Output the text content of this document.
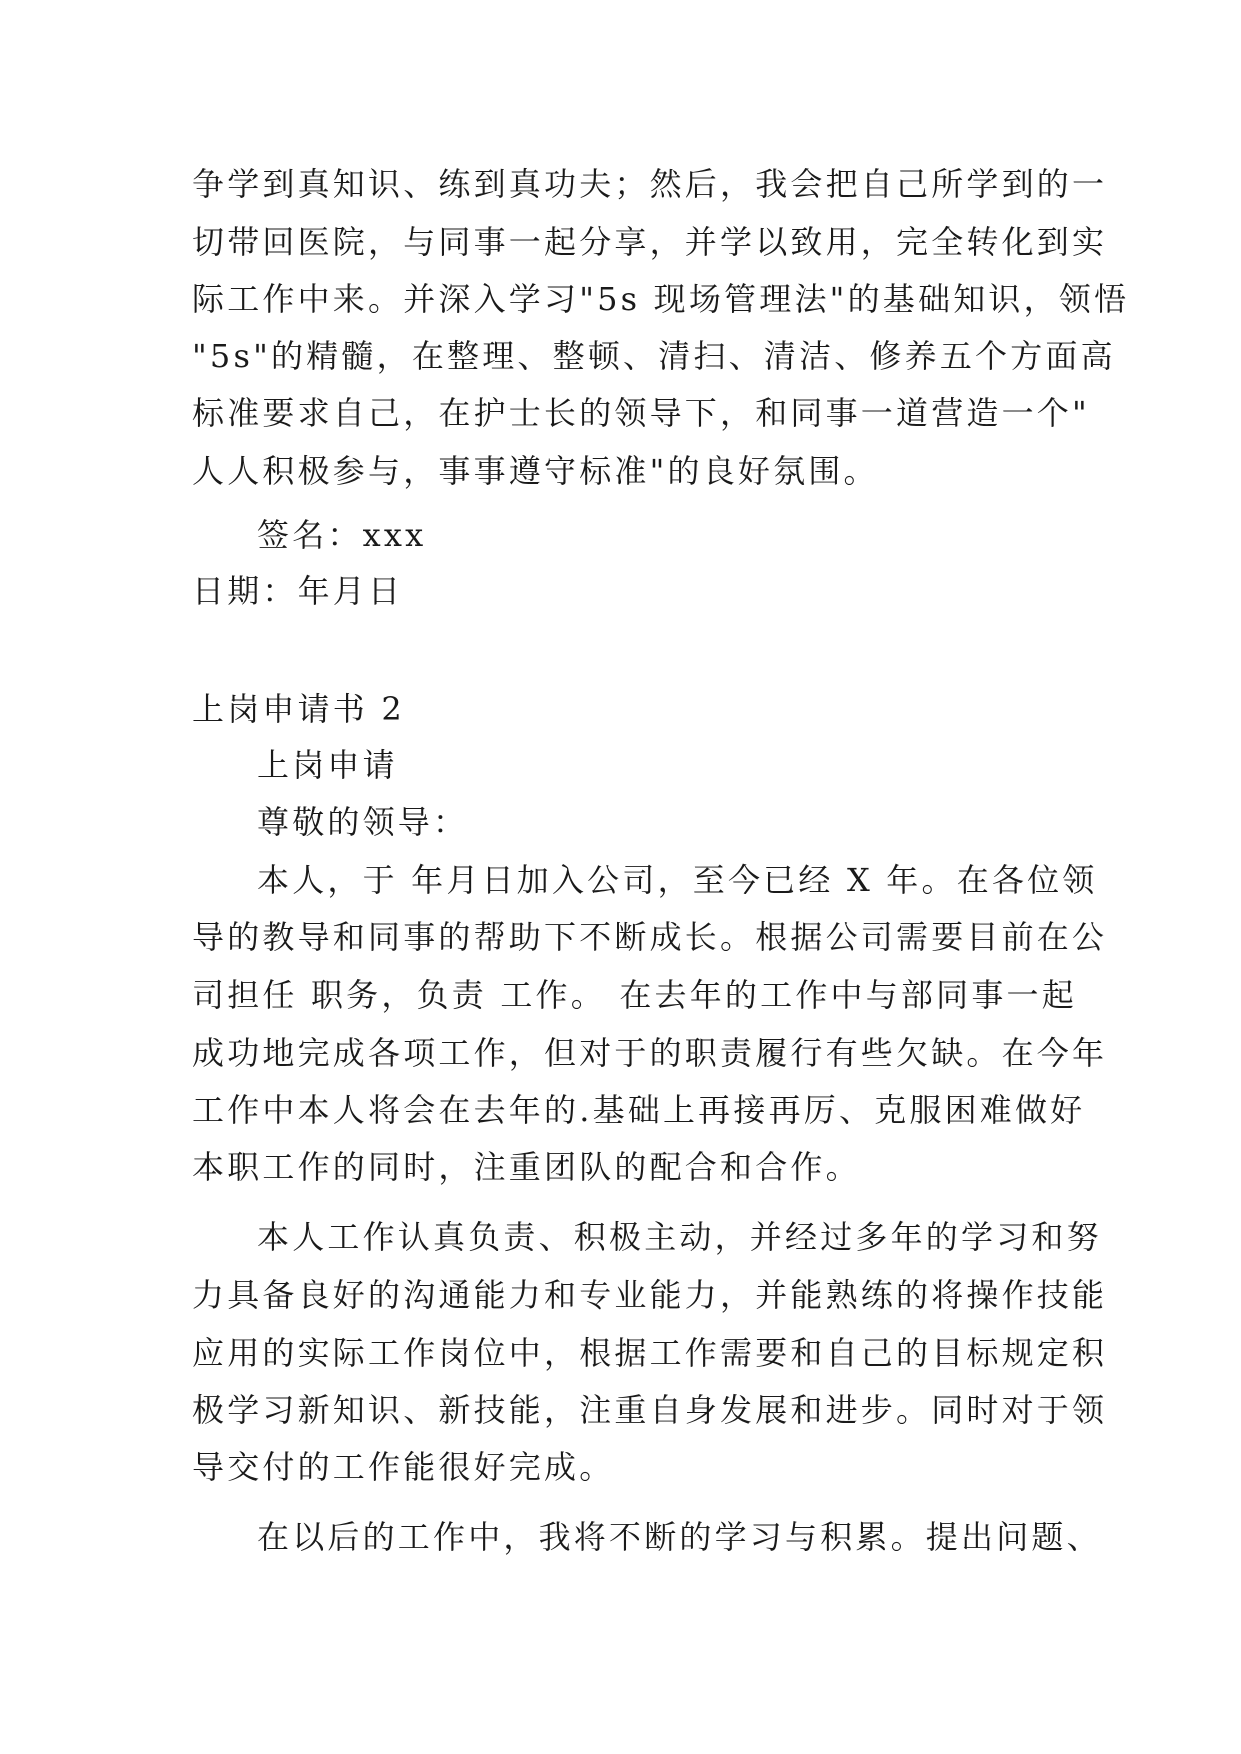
争学到真知识、练到真功夫；然后，我会把自己所学到的一
切带回医院，与同事一起分享，并学以致用，完全转化到实
际工作中来。并深入学习"5s 现场管理法"的基础知识，领悟
"5s"的精髓，在整理、整顿、清扫、清洁、修养五个方面高
标准要求自己，在护士长的领导下，和同事一道营造一个"
人人积极参与，事事遵守标准"的良好氛围。
签名：xxx
日期：年月日
上岗申请书 2
上岗申请
尊敬的领导：
本人，于 年月日加入公司，至今已经 X 年。在各位领
导的教导和同事的帮助下不断成长。根据公司需要目前在公
司担任 职务，负责 工作。 在去年的工作中与部同事一起
成功地完成各项工作，但对于的职责履行有些欠缺。在今年
工作中本人将会在去年的.基础上再接再厉、克服困难做好
本职工作的同时，注重团队的配合和合作。
本人工作认真负责、积极主动，并经过多年的学习和努
力具备良好的沟通能力和专业能力，并能熟练的将操作技能
应用的实际工作岗位中，根据工作需要和自己的目标规定积
极学习新知识、新技能，注重自身发展和进步。同时对于领
导交付的工作能很好完成。
在以后的工作中，我将不断的学习与积累。提出问题、
